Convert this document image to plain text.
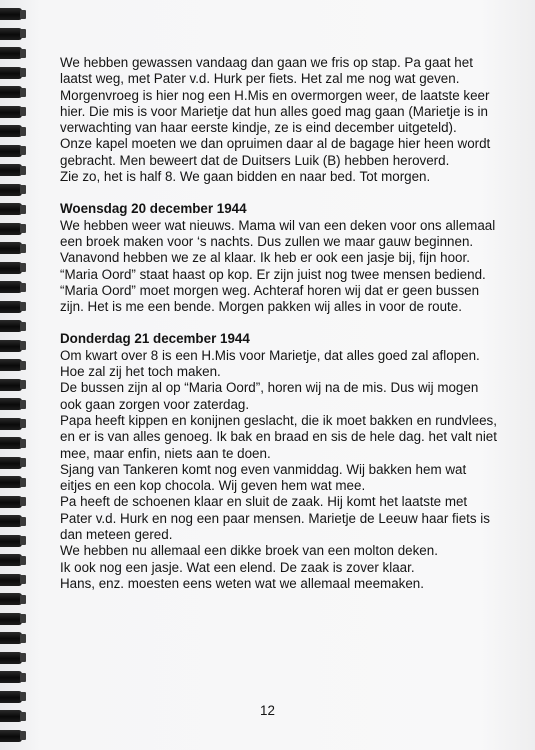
We hebben gewassen vandaag dan gaan we fris op stap. Pa gaat het laatst weg, met Pater v.d. Hurk per fiets. Het zal me nog wat geven.

Morgenvroeg is hier nog een H.Mis en overmorgen weer, de laatste keer hier. Die mis is voor Marietje dat hun alles goed mag gaan (Marietje is in verwachting van haar eerste kindje, ze is eind december uitgeteld).

Onze kapel moeten we dan opruimen daar al de bagage hier heen wordt gebracht. Men beweert dat de Duitsers Luik (B) hebben heroverd.

Zie zo, het is half 8. We gaan bidden en naar bed. Tot morgen.

Woensdag 20 december 1944

We hebben weer wat nieuws. Mama wil van een deken voor ons allemaal een broek maken voor ‘s nachts. Dus zullen we maar gauw beginnen. Vanavond hebben we ze al klaar. Ik heb er ook een jasje bij, fijn hoor.

“Maria Oord” staat haast op kop. Er zijn juist nog twee mensen bediend. “Maria Oord” moet morgen weg. Achteraf horen wij dat er geen bussen zijn. Het is me een bende. Morgen pakken wij alles in voor de route.

Donderdag 21 december 1944

Om kwart over 8 is een H.Mis voor Marietje, dat alles goed zal aflopen. Hoe zal zij het toch maken.

De bussen zijn al op “Maria Oord”, horen wij na de mis. Dus wij mogen ook gaan zorgen voor zaterdag.

Papa heeft kippen en konijnen geslacht, die ik moet bakken en rundvlees, en er is van alles genoeg. Ik bak en braad en sis de hele dag. het valt niet mee, maar enfin, niets aan te doen.

Sjang van Tankeren komt nog even vanmiddag. Wij bakken hem wat eitjes en een kop chocola. Wij geven hem wat mee.

Pa heeft de schoenen klaar en sluit de zaak. Hij komt het laatste met Pater v.d. Hurk en nog een paar mensen. Marietje de Leeuw haar fiets is dan meteen gered.

We hebben nu allemaal een dikke broek van een molton deken.

Ik ook nog een jasje. Wat een elend. De zaak is zover klaar.

Hans, enz. moesten eens weten wat we allemaal meemaken.

12
